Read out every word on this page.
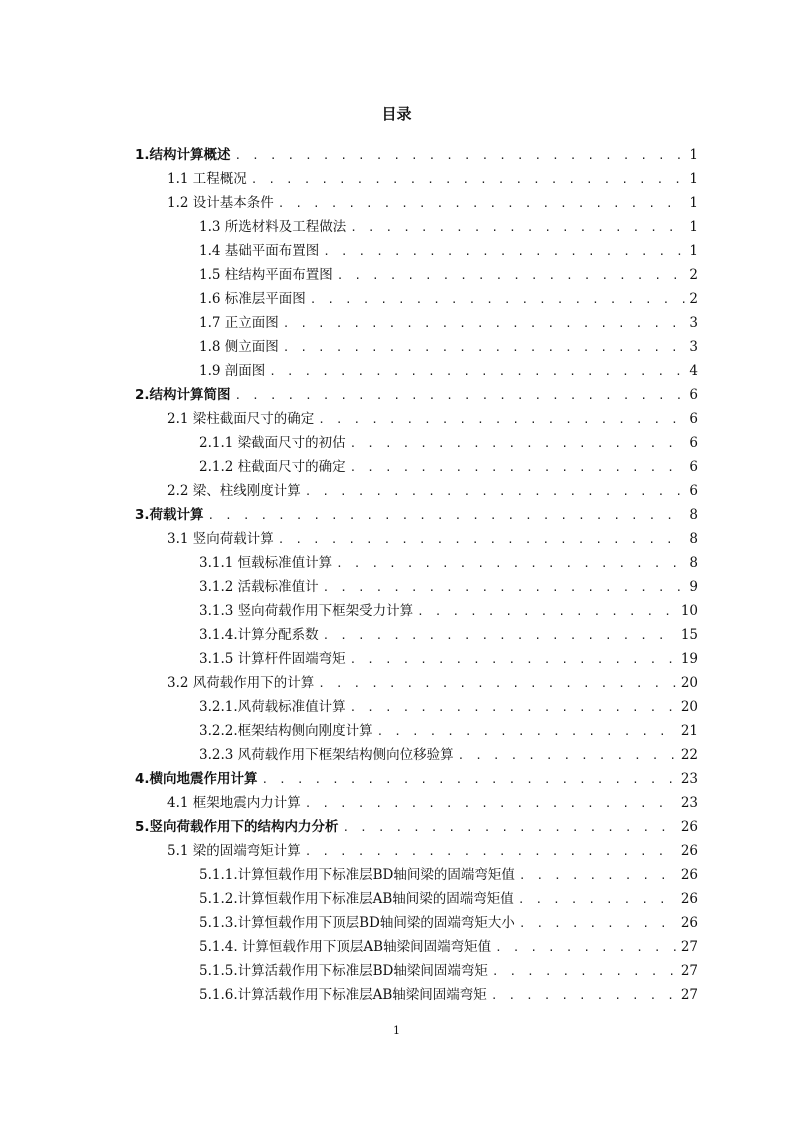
目录
1.结构计算概述 . . .	1
1.1 工程概况 . . .	1
1.2 设计基本条件 . . .	1
1.3 所选材料及工程做法 . . .	1
1.4 基础平面布置图 . . .	1
1.5 柱结构平面布置图 . . .	2
1.6 标准层平面图 . . .	2
1.7 正立面图 . . .	3
1.8 侧立面图 . . .	3
1.9 剖面图 . . .	4
2.结构计算简图 . . .	6
2.1 梁柱截面尺寸的确定 . . .	6
2.1.1 梁截面尺寸的初估 . . .	6
2.1.2 柱截面尺寸的确定 . . .	6
2.2 梁、柱线刚度计算 . . .	6
3.荷载计算 . . .	8
3.1 竖向荷载计算 . . .	8
3.1.1 恒载标准值计算 . . .	8
3.1.2 活载标准值计 . . .	9
3.1.3 竖向荷载作用下框架受力计算 . . .	10
3.1.4.计算分配系数 . . .	15
3.1.5 计算杆件固端弯矩 . . .	19
3.2 风荷载作用下的计算 . . .	20
3.2.1.风荷载标准值计算 . . .	20
3.2.2.框架结构侧向刚度计算 . . .	21
3.2.3 风荷载作用下框架结构侧向位移验算 . . .	22
4.横向地震作用计算 . . .	23
4.1 框架地震内力计算 . . .	23
5.竖向荷载作用下的结构内力分析 . . .	26
5.1 梁的固端弯矩计算 . . .	26
5.1.1.计算恒载作用下标准层BD轴间梁的固端弯矩值 . . .	26
5.1.2.计算恒载作用下标准层AB轴间梁的固端弯矩值 . . .	26
5.1.3.计算恒载作用下顶层BD轴间梁的固端弯矩大小 . . .	26
5.1.4. 计算恒载作用下顶层AB轴梁间固端弯矩值 . . .	27
5.1.5.计算活载作用下标准层BD轴梁间固端弯矩 . . .	27
5.1.6.计算活载作用下标准层AB轴梁间固端弯矩 . . .	27
1
